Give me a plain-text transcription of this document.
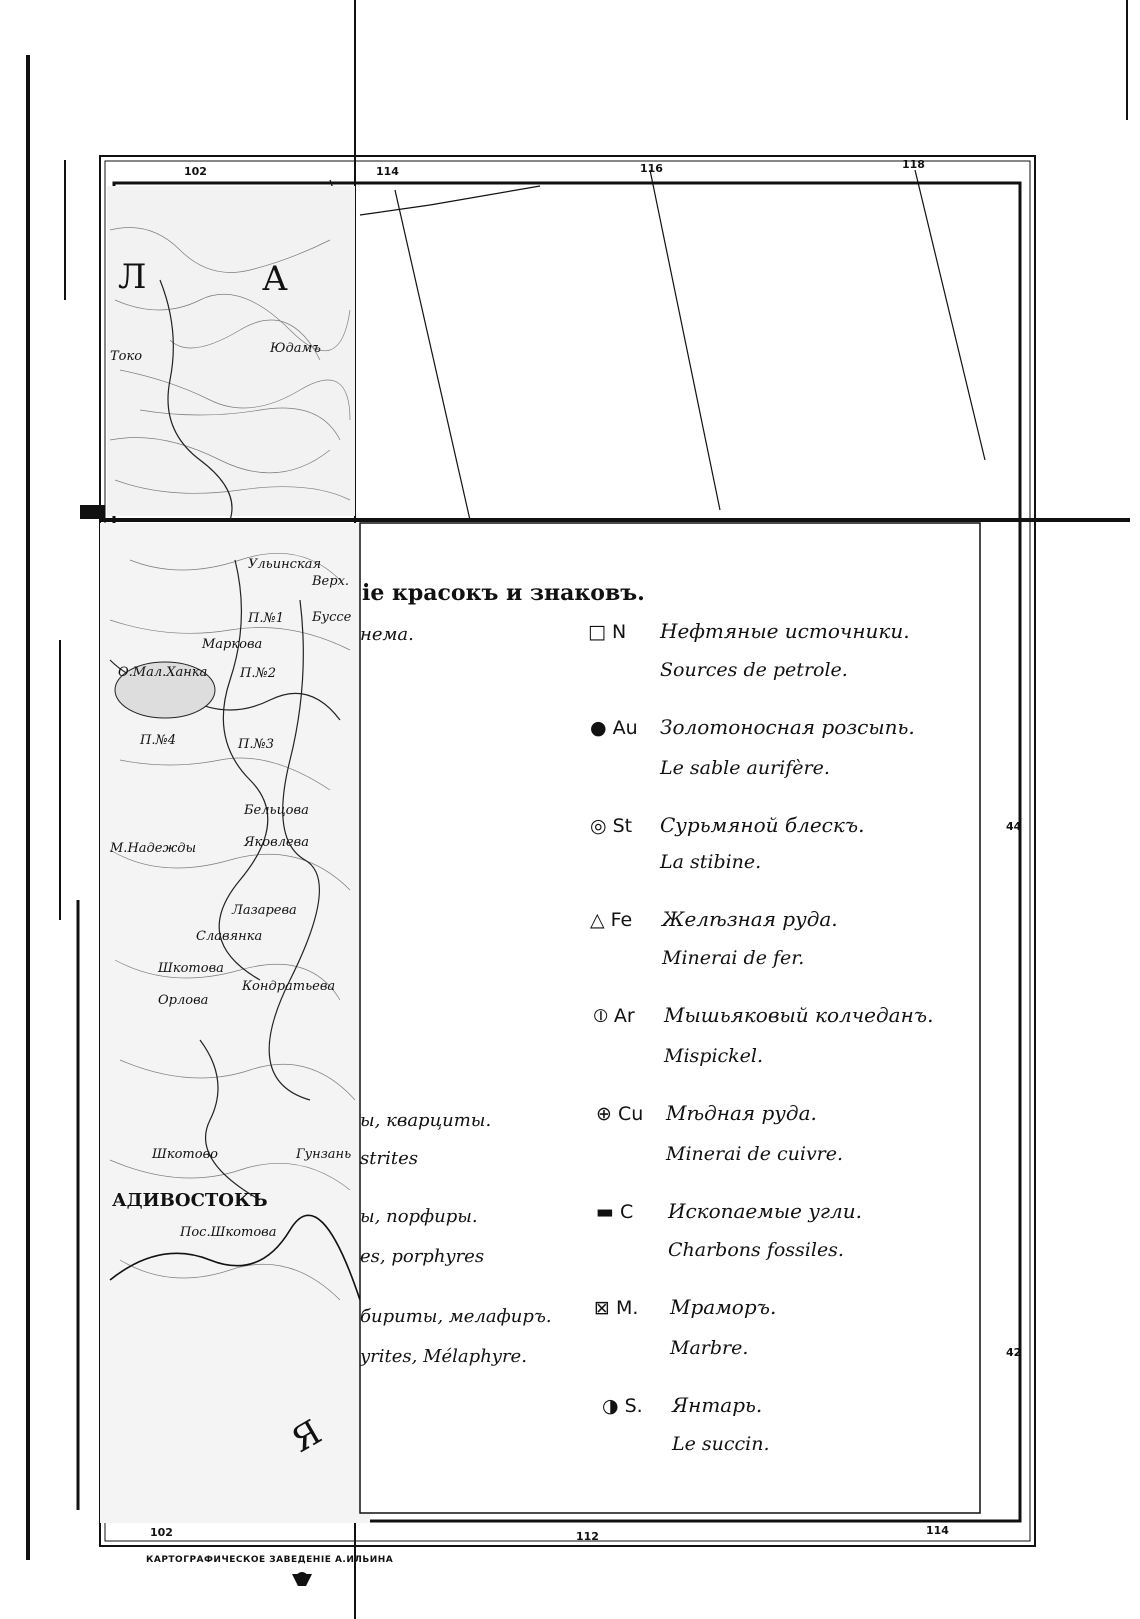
Л	А
Я
Токо
Юдамъ
Ульинская
Верх.
Буссе
П.№1
Маркова
П.№2
О.Мал.Ханка
П.№3
П.№4
Бельцова
Яковлева
М.Надежды
Лазарева
Славянка
Шкотова
Кондратьева
Орлова
Шкотово	Гунзань
Пос.Шкотова
АДИВОСТОКЪ
102	114	116	118
102	112	114
44
42
ie красокъ и знаковъ.
нема.
ы, кварциты.
strites
ы, порфиры.
es, porphyres
бириты, мелафиръ.
yrites, Mélaphyre.
□ N Нефтяные источники.
Sources de petrole.
● Au Золотоносная розсыпь.
Le sable aurifère.
◎ St Сурьмяной блескъ.
La stibine.
△ Fe Желѣзная руда.
Minerai de fer.
⦶ Ar Мышьяковый колчеданъ.
Mispickel.
⊕ Cu Мѣдная руда.
Minerai de cuivre.
▬ C Ископаемые угли.
Charbons fossiles.
⊠ M. Мраморъ.
Marbre.
◑ S. Янтарь.
Le succin.
КАРТОГРАФИЧЕСКОЕ ЗАВЕДЕНІЕ А.ИЛЬИНА
